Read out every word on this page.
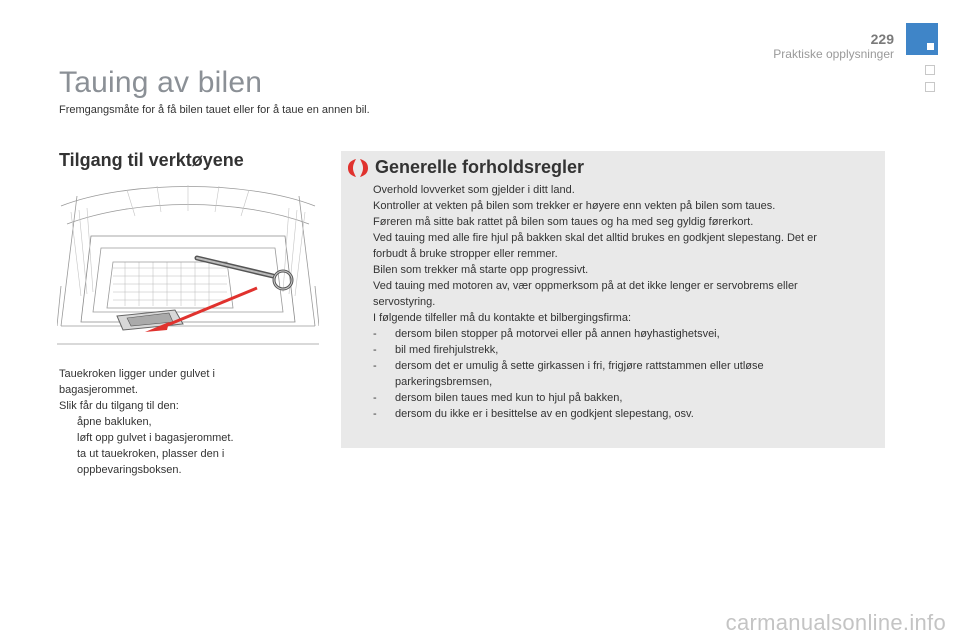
229
Praktiske opplysninger
Tauing av bilen
Fremgangsmåte for å få bilen tauet eller for å taue en annen bil.
Tilgang til verktøyene

Tauekroken ligger under gulvet i

bagasjerommet.

Slik får du tilgang til den:

åpne bakluken,
løft opp gulvet i bagasjerommet.
ta ut tauekroken, plasser den i
oppbevaringsboksen.
Generelle forholdsregler

Overhold lovverket som gjelder i ditt land.

Kontroller at vekten på bilen som trekker er høyere enn vekten på bilen som taues.

Føreren må sitte bak rattet på bilen som taues og ha med seg gyldig førerkort.

Ved tauing med alle fire hjul på bakken skal det alltid brukes en godkjent slepestang. Det er

forbudt å bruke stropper eller remmer.

Bilen som trekker må starte opp progressivt.

Ved tauing med motoren av, vær oppmerksom på at det ikke lenger er servobrems eller

servostyring.

I følgende tilfeller må du kontakte et bilbergingsfirma:

-	dersom bilen stopper på motorvei eller på annen høyhastighetsvei,
-	bil med firehjulstrekk,
-	dersom det er umulig å sette girkassen i fri, frigjøre rattstammen eller utløse
parkeringsbremsen,
-	dersom bilen taues med kun to hjul på bakken,
-	dersom du ikke er i besittelse av en godkjent slepestang, osv.
carmanualsonline.info
